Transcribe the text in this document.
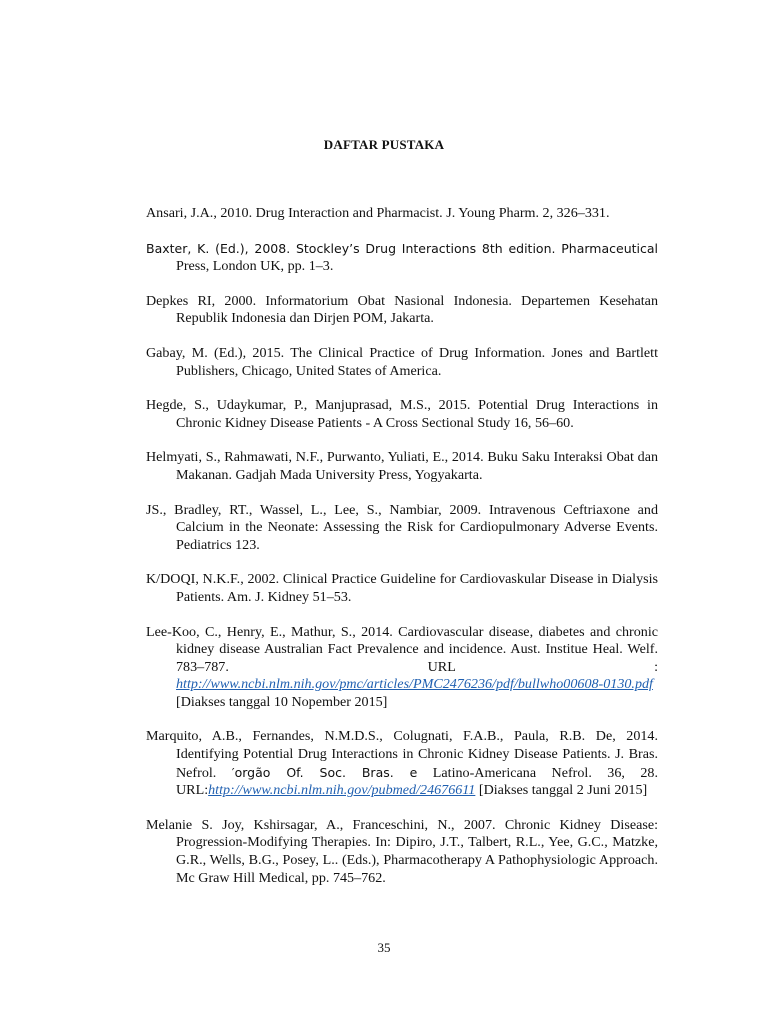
DAFTAR PUSTAKA

Ansari, J.A., 2010. Drug Interaction and Pharmacist. J. Young Pharm. 2, 326–331.

Baxter, K. (Ed.), 2008. Stockley’s Drug Interactions 8th edition. Pharmaceutical Press, London UK, pp. 1–3.

Depkes RI, 2000. Informatorium Obat Nasional Indonesia. Departemen Kesehatan Republik Indonesia dan Dirjen POM, Jakarta.

Gabay, M. (Ed.), 2015. The Clinical Practice of Drug Information. Jones and Bartlett Publishers, Chicago, United States of America.

Hegde, S., Udaykumar, P., Manjuprasad, M.S., 2015. Potential Drug Interactions in Chronic Kidney Disease Patients - A Cross Sectional Study 16, 56–60.

Helmyati, S., Rahmawati, N.F., Purwanto, Yuliati, E., 2014. Buku Saku Interaksi Obat dan Makanan. Gadjah Mada University Press, Yogyakarta.

JS., Bradley, RT., Wassel, L., Lee, S., Nambiar, 2009. Intravenous Ceftriaxone and Calcium in the Neonate: Assessing the Risk for Cardiopulmonary Adverse Events. Pediatrics 123.

K/DOQI, N.K.F., 2002. Clinical Practice Guideline for Cardiovaskular Disease in Dialysis Patients. Am. J. Kidney 51–53.

Lee-Koo, C., Henry, E., Mathur, S., 2014. Cardiovascular disease, diabetes and chronic kidney disease Australian Fact Prevalence and incidence. Aust. Institue Heal. Welf. 783–787. URL : http://www.ncbi.nlm.nih.gov/pmc/articles/PMC2476236/pdf/bullwho00608-0130.pdf [Diakses tanggal 10 Nopember 2015]

Marquito, A.B., Fernandes, N.M.D.S., Colugnati, F.A.B., Paula, R.B. De, 2014. Identifying Potential Drug Interactions in Chronic Kidney Disease Patients. J. Bras. Nefrol. ′orgão Of. Soc. Bras. e Latino-Americana Nefrol. 36, 28. URL:http://www.ncbi.nlm.nih.gov/pubmed/24676611 [Diakses tanggal 2 Juni 2015]

Melanie S. Joy, Kshirsagar, A., Franceschini, N., 2007. Chronic Kidney Disease: Progression-Modifying Therapies. In: Dipiro, J.T., Talbert, R.L., Yee, G.C., Matzke, G.R., Wells, B.G., Posey, L.. (Eds.), Pharmacotherapy A Pathophysiologic Approach. Mc Graw Hill Medical, pp. 745–762.

35
